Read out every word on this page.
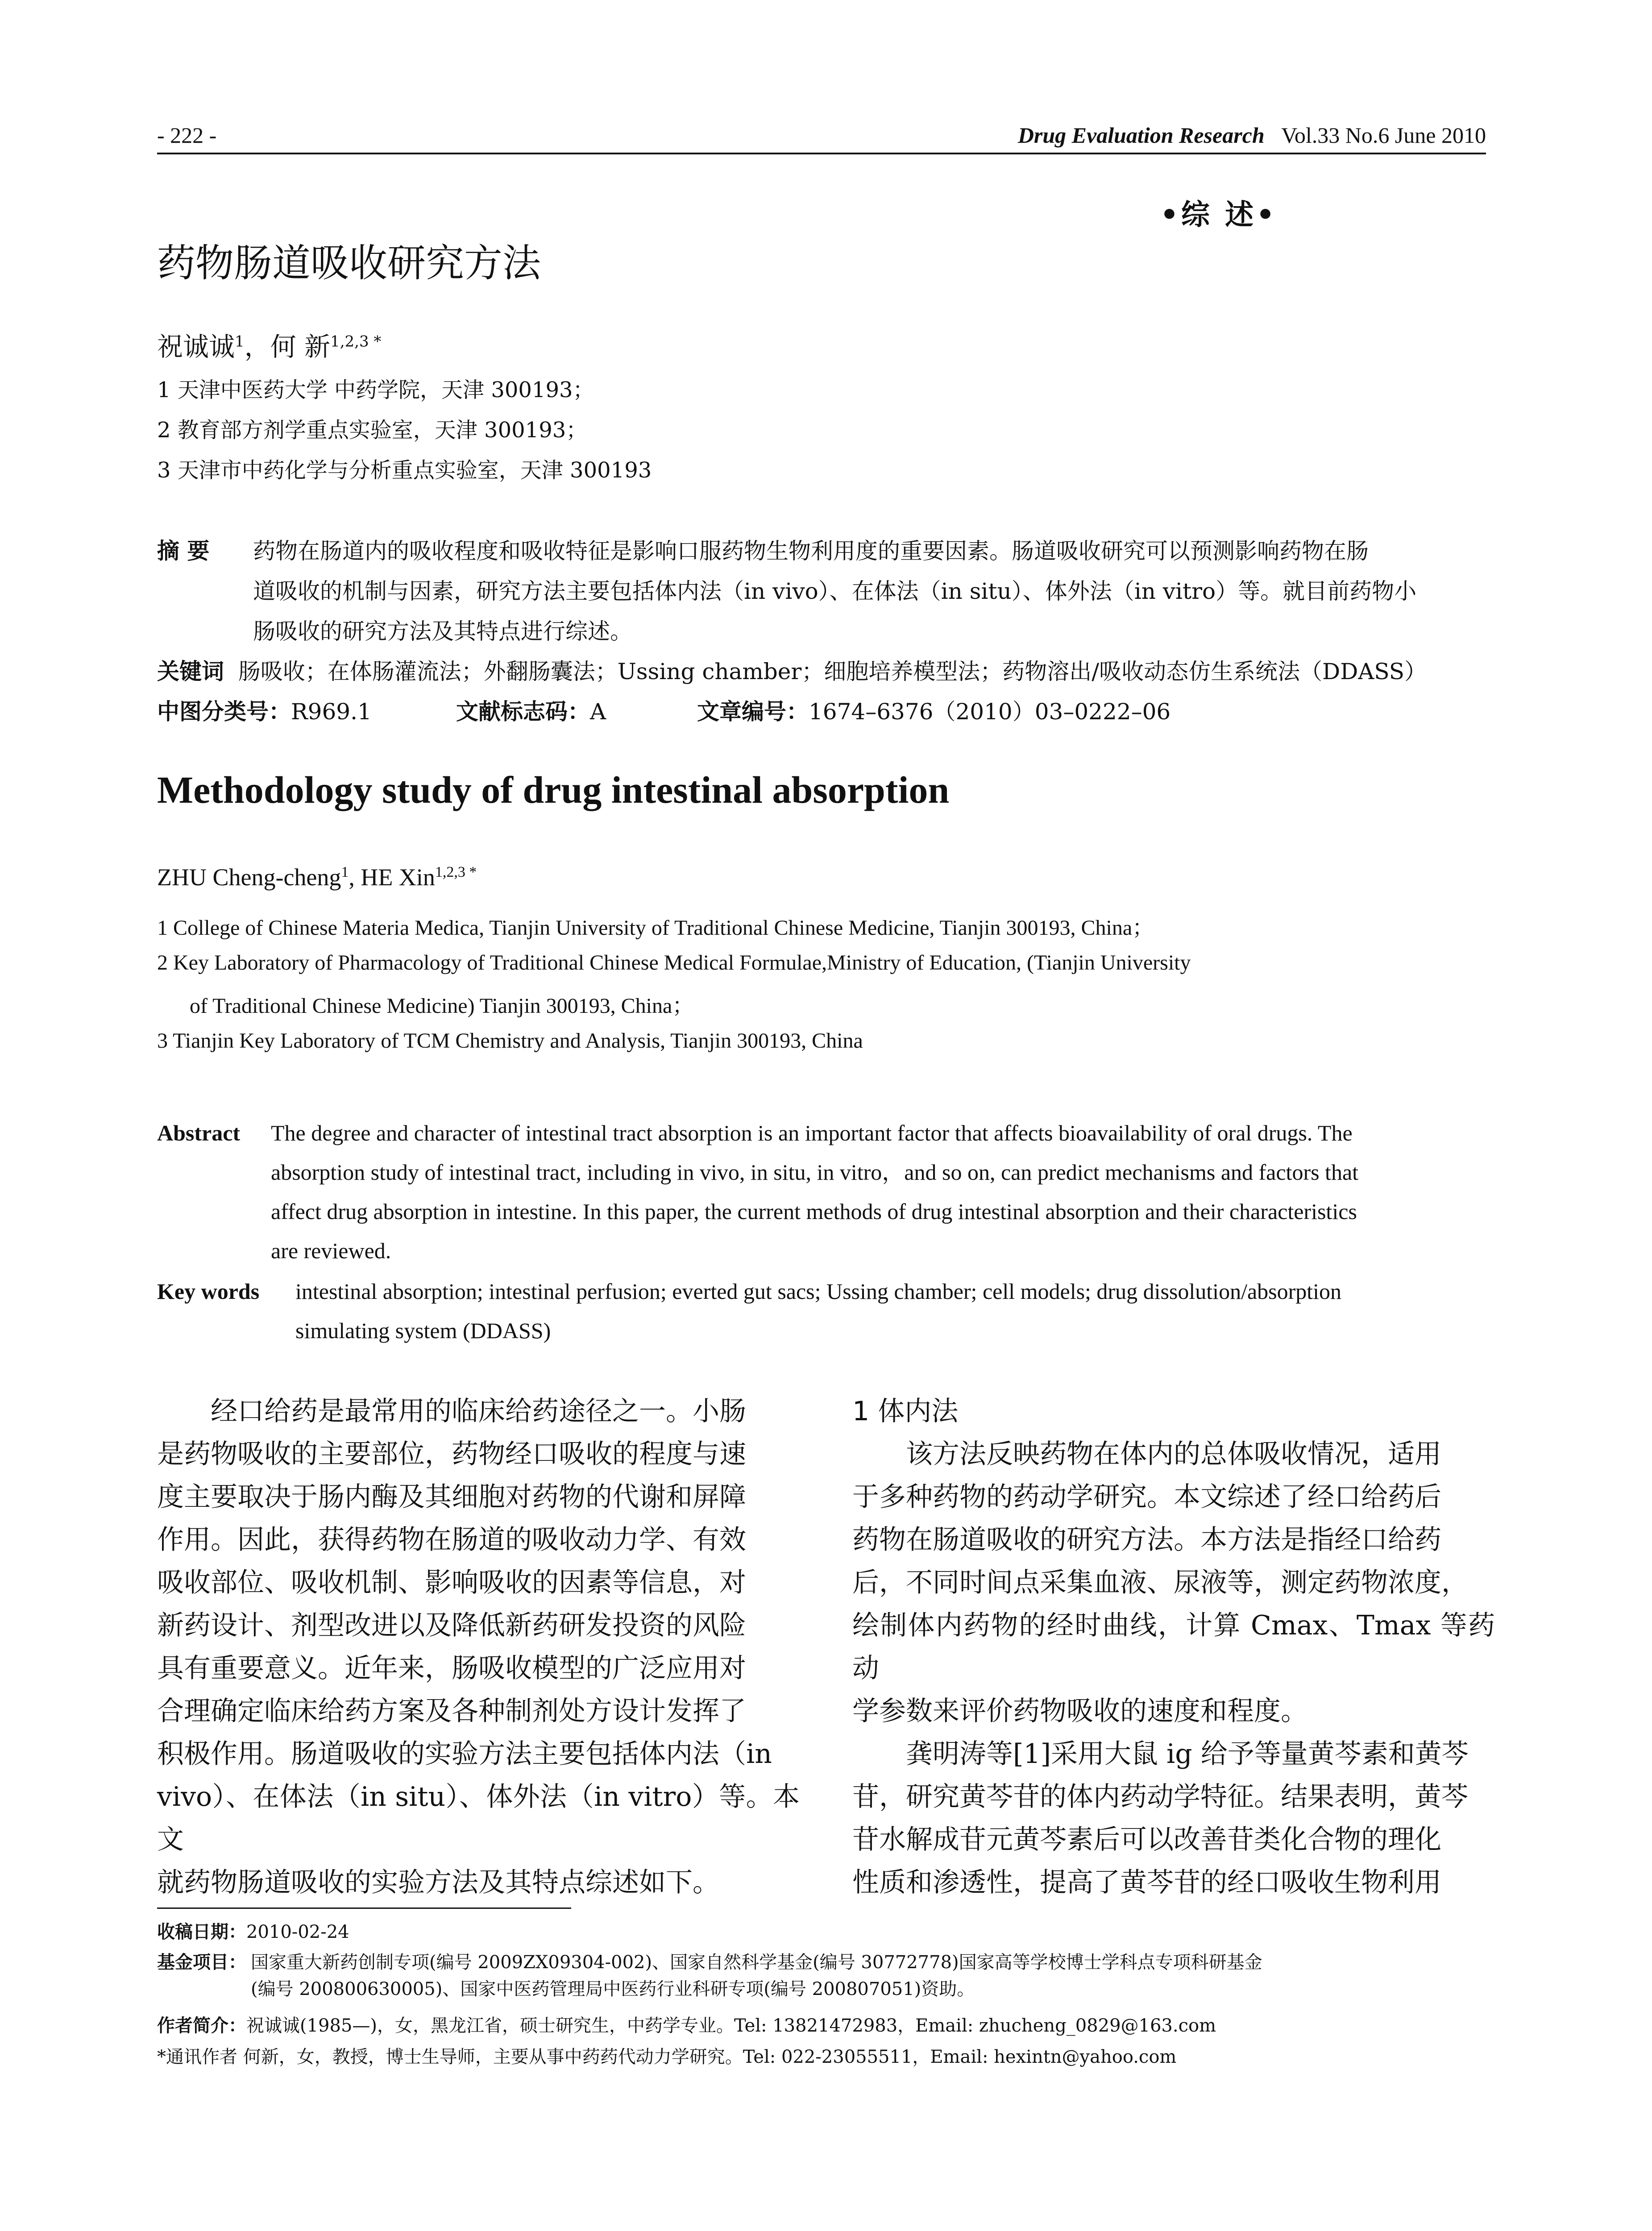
- 222 -	Drug Evaluation Research Vol.33 No.6 June 2010
•综 述•
药物肠道吸收研究方法
祝诚诚$^1$，何 新$^{1,2,3 *}$
1 天津中医药大学 中药学院，天津 300193；
2 教育部方剂学重点实验室，天津 300193；
3 天津市中药化学与分析重点实验室，天津 300193
摘 要 药物在肠道内的吸收程度和吸收特征是影响口服药物生物利用度的重要因素。肠道吸收研究可以预测影响药物在肠
道吸收的机制与因素，研究方法主要包括体内法（in vivo）、在体法（in situ）、体外法（in vitro）等。就目前药物小
肠吸收的研究方法及其特点进行综述。
关键词 肠吸收；在体肠灌流法；外翻肠囊法；Ussing chamber；细胞培养模型法；药物溶出/吸收动态仿生系统法（DDASS）
中图分类号：R969.1	文献标志码：A	文章编号：1674–6376（2010）03–0222–06
Methodology study of drug intestinal absorption
ZHU Cheng-cheng$^1$, HE Xin$^{1,2,3 *}$
1 College of Chinese Materia Medica, Tianjin University of Traditional Chinese Medicine, Tianjin 300193, China；
2 Key Laboratory of Pharmacology of Traditional Chinese Medical Formulae,Ministry of Education, (Tianjin University
of Traditional Chinese Medicine) Tianjin 300193, China；
3 Tianjin Key Laboratory of TCM Chemistry and Analysis, Tianjin 300193, China
Abstract The degree and character of intestinal tract absorption is an important factor that affects bioavailability of oral drugs. The
absorption study of intestinal tract, including in vivo, in situ, in vitro，and so on, can predict mechanisms and factors that
affect drug absorption in intestine. In this paper, the current methods of drug intestinal absorption and their characteristics
are reviewed.
Key words intestinal absorption; intestinal perfusion; everted gut sacs; Ussing chamber; cell models; drug dissolution/absorption
simulating system (DDASS)
经口给药是最常用的临床给药途径之一。小肠
是药物吸收的主要部位，药物经口吸收的程度与速
度主要取决于肠内酶及其细胞对药物的代谢和屏障
作用。因此，获得药物在肠道的吸收动力学、有效
吸收部位、吸收机制、影响吸收的因素等信息，对
新药设计、剂型改进以及降低新药研发投资的风险
具有重要意义。近年来，肠吸收模型的广泛应用对
合理确定临床给药方案及各种制剂处方设计发挥了
积极作用。肠道吸收的实验方法主要包括体内法（in
vivo）、在体法（in situ）、体外法（in vitro）等。本文
就药物肠道吸收的实验方法及其特点综述如下。
1 体内法
该方法反映药物在体内的总体吸收情况，适用
于多种药物的药动学研究。本文综述了经口给药后
药物在肠道吸收的研究方法。本方法是指经口给药
后，不同时间点采集血液、尿液等，测定药物浓度，
绘制体内药物的经时曲线，计算 Cmax、Tmax 等药动
学参数来评价药物吸收的速度和程度。
龚明涛等[1]采用大鼠 ig 给予等量黄芩素和黄芩
苷，研究黄芩苷的体内药动学特征。结果表明，黄芩
苷水解成苷元黄芩素后可以改善苷类化合物的理化
性质和渗透性，提高了黄芩苷的经口吸收生物利用
收稿日期：2010-02-24
基金项目： 国家重大新药创制专项(编号 2009ZX09304-002)、国家自然科学基金(编号 30772778)国家高等学校博士学科点专项科研基金
(编号 200800630005)、国家中医药管理局中医药行业科研专项(编号 200807051)资助。
作者简介：祝诚诚(1985—)，女，黑龙江省，硕士研究生，中药学专业。Tel: 13821472983，Email: zhucheng_0829@163.com
*通讯作者 何新，女，教授，博士生导师，主要从事中药药代动力学研究。Tel: 022-23055511，Email: hexintn@yahoo.com
